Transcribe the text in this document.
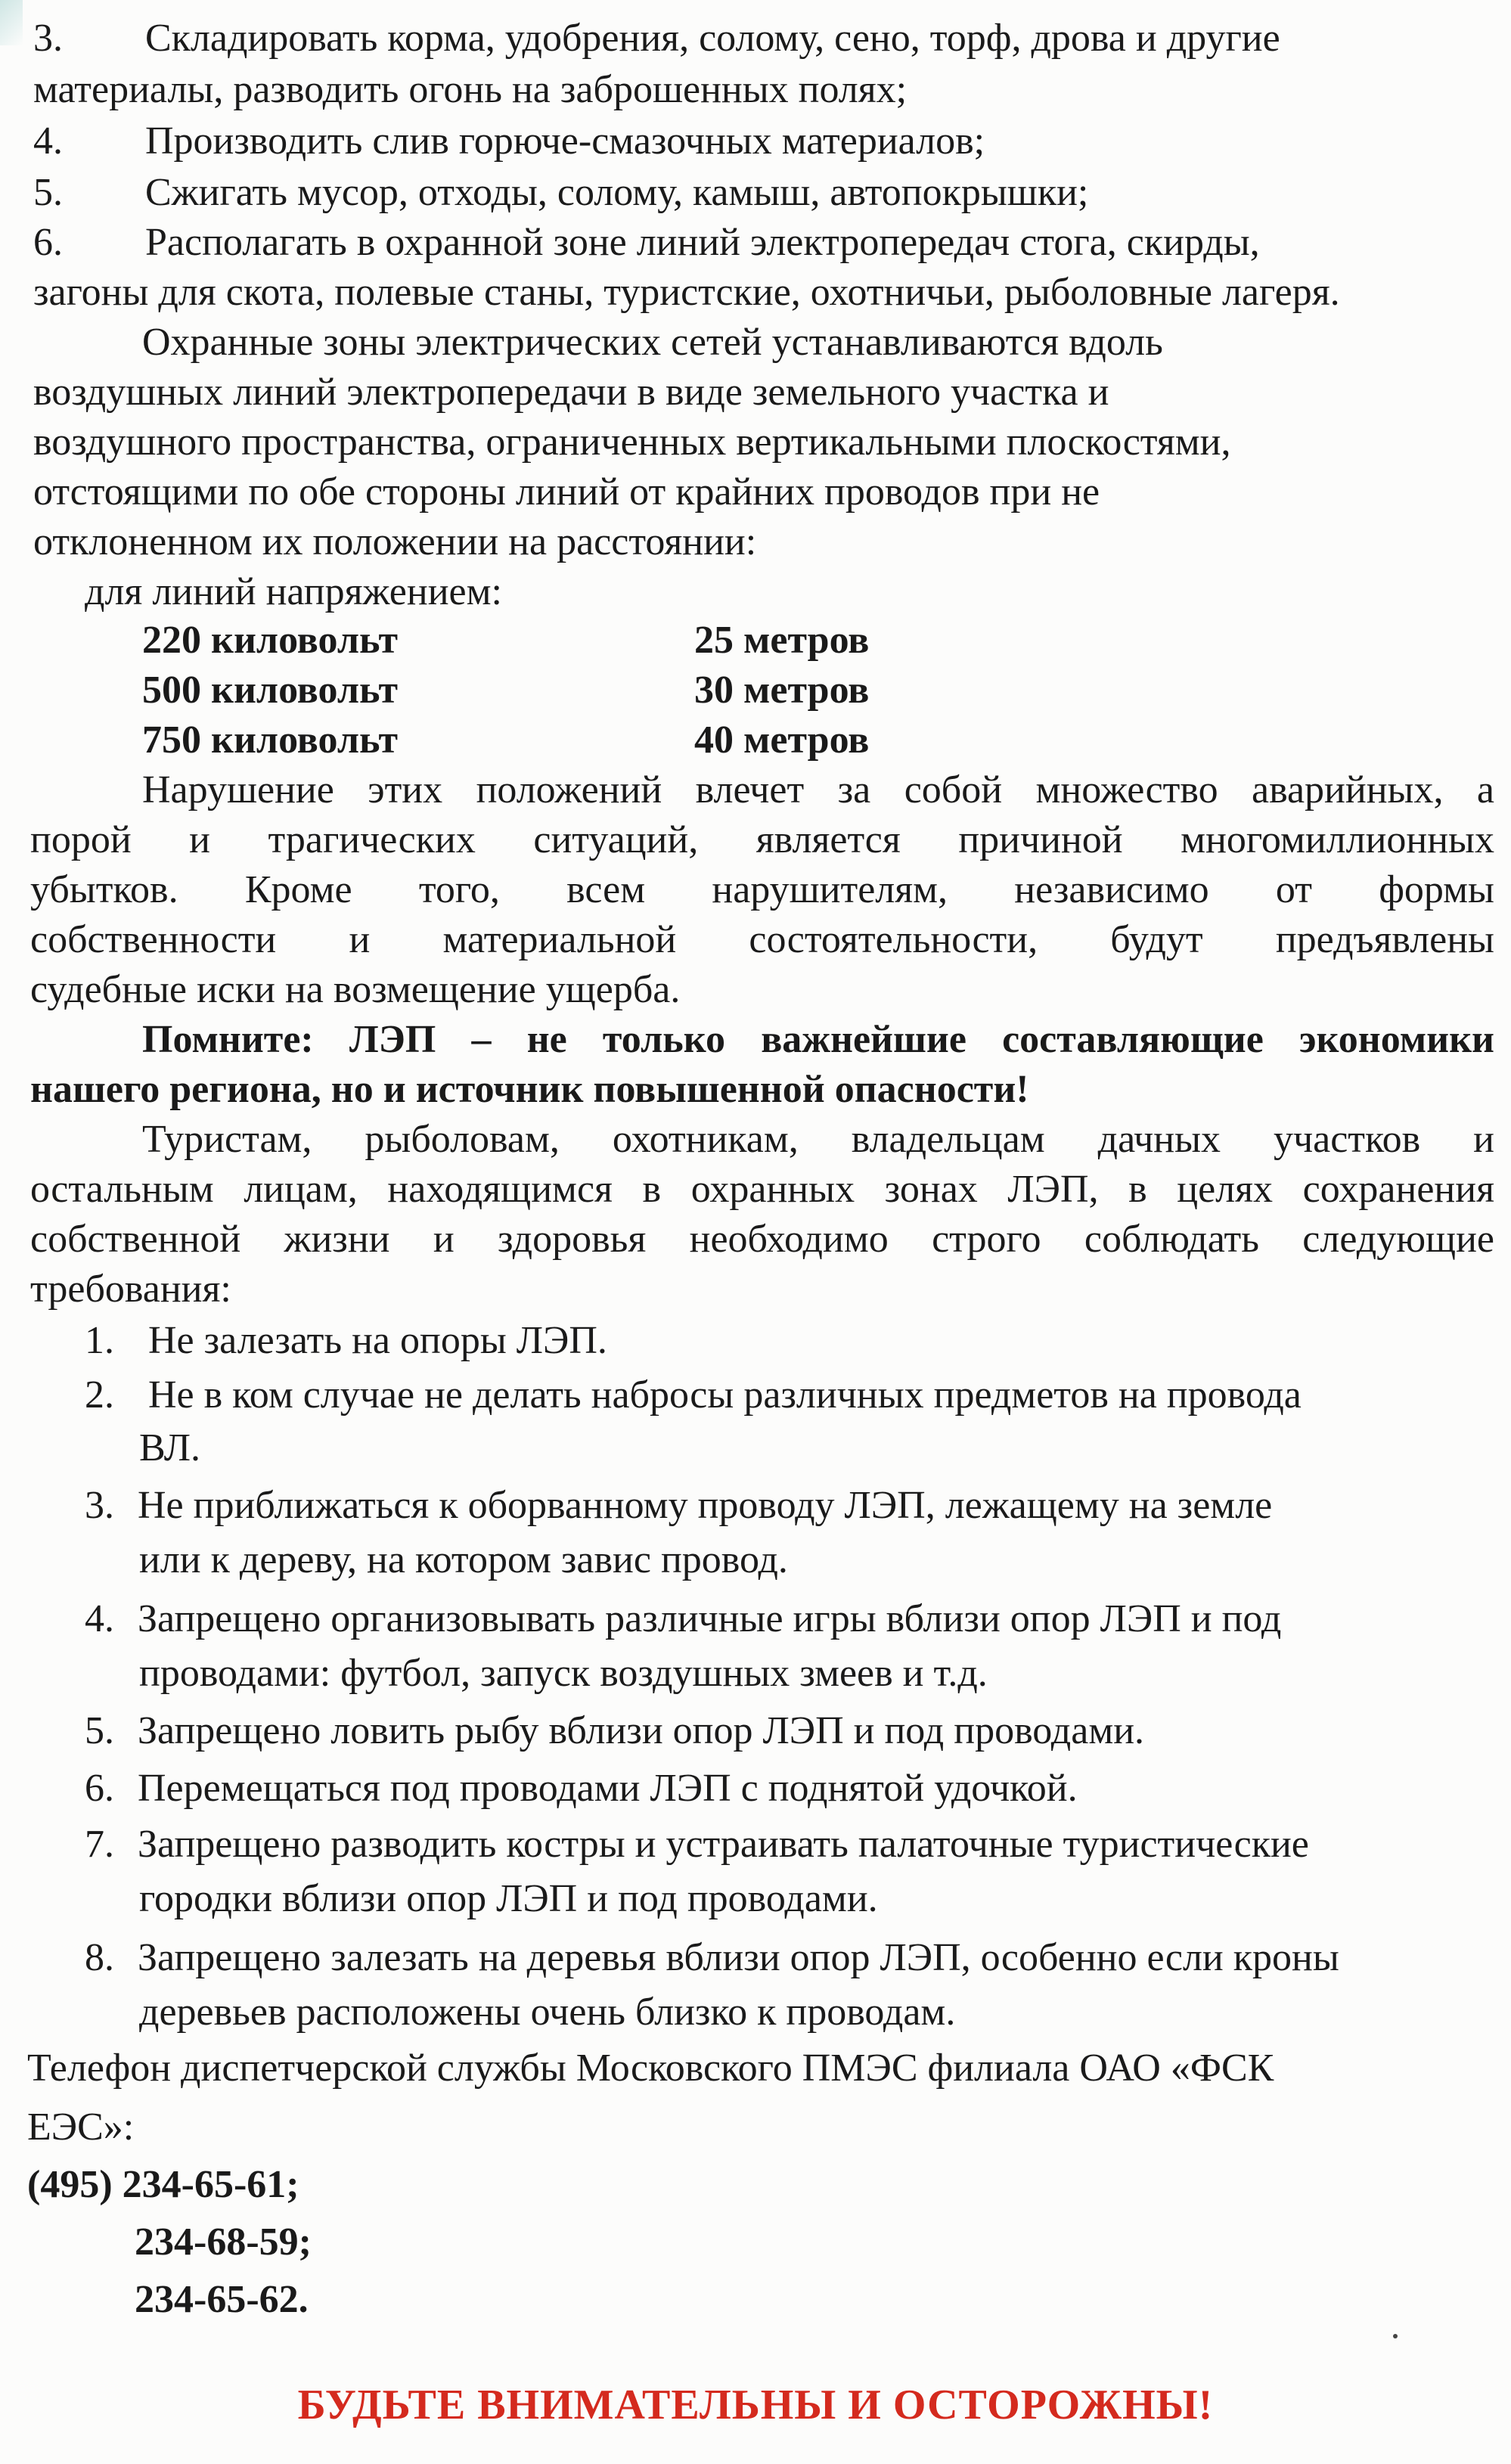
3. Складировать корма, удобрения, солому, сено, торф, дрова и другие
материалы, разводить огонь на заброшенных полях;
4. Производить слив горюче-смазочных материалов;
5. Сжигать мусор, отходы, солому, камыш, автопокрышки;
6. Располагать в охранной зоне линий электропередач стога, скирды,
загоны для скота, полевые станы, туристские, охотничьи, рыболовные лагеря.
Охранные зоны электрических сетей устанавливаются вдоль
воздушных линий электропередачи в виде земельного участка и
воздушного пространства, ограниченных вертикальными плоскостями,
отстоящими по обе стороны линий от крайних проводов при не
отклоненном их положении на расстоянии:
для линий напряжением:
220 киловольт	25 метров
500 киловольт	30 метров
750 киловольт	40 метров
Нарушение этих положений влечет за собой множество аварийных, а
порой и трагических ситуаций, является причиной многомиллионных
убытков. Кроме того, всем нарушителям, независимо от формы
собственности и материальной состоятельности, будут предъявлены
судебные иски на возмещение ущерба.
Помните: ЛЭП – не только важнейшие составляющие экономики
нашего региона, но и источник повышенной опасности!
Туристам, рыболовам, охотникам, владельцам дачных участков и
остальным лицам, находящимся в охранных зонах ЛЭП, в целях сохранения
собственной жизни и здоровья необходимо строго соблюдать следующие
требования:
1. Не залезать на опоры ЛЭП.
2. Не в ком случае не делать набросы различных предметов на провода
ВЛ.
3. Не приближаться к оборванному проводу ЛЭП, лежащему на земле
или к дереву, на котором завис провод.
4. Запрещено организовывать различные игры вблизи опор ЛЭП и под
проводами: футбол, запуск воздушных змеев и т.д.
5. Запрещено ловить рыбу вблизи опор ЛЭП и под проводами.
6. Перемещаться под проводами ЛЭП с поднятой удочкой.
7. Запрещено разводить костры и устраивать палаточные туристические
городки вблизи опор ЛЭП и под проводами.
8. Запрещено залезать на деревья вблизи опор ЛЭП, особенно если кроны
деревьев расположены очень близко к проводам.
Телефон диспетчерской службы Московского ПМЭС филиала ОАО «ФСК
ЕЭС»:
(495) 234-65-61;
234-68-59;
234-65-62.
БУДЬТЕ ВНИМАТЕЛЬНЫ И ОСТОРОЖНЫ!
